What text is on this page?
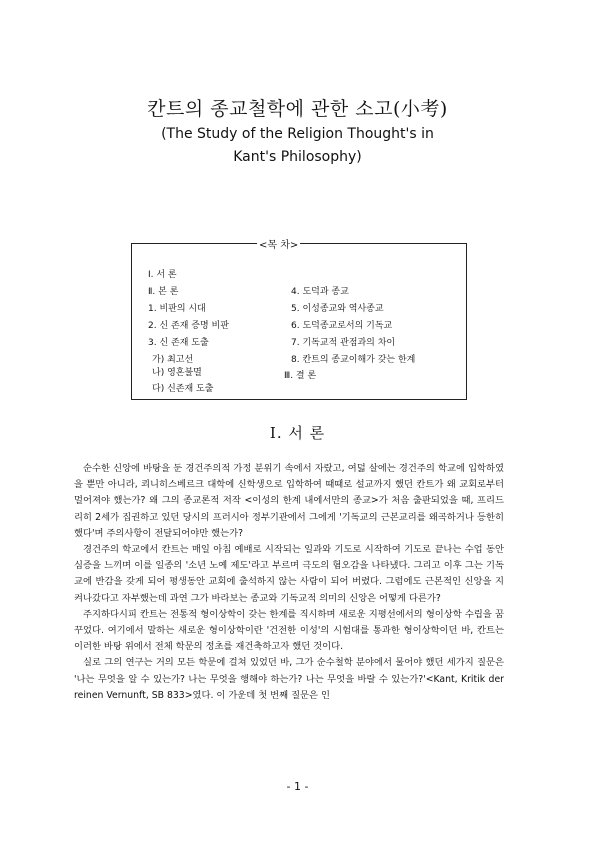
칸트의 종교철학에 관한 소고(小考)
(The Study of the Religion Thought's in
Kant's Philosophy)
<목 차>
Ⅰ. 서 론
Ⅱ. 본 론
1. 비판의 시대
2. 신 존재 증명 비판
3. 신 존재 도출
가) 최고선
나) 영혼불멸
다) 신존재 도출
4. 도덕과 종교
5. 이성종교와 역사종교
6. 도덕종교로서의 기독교
7. 기독교적 관점과의 차이
8. 칸트의 종교이해가 갖는 한계
Ⅲ. 결 론
Ⅰ. 서 론

순수한 신앙에 바탕을 둔 경건주의적 가정 분위기 속에서 자랐고, 여덟 살에는 경건주의 학교에 입학하였을 뿐만 아니라, 쾨니히스베르크 대학에 신학생으로 입학하여 때때로 설교까지 했던 칸트가 왜 교회로부터 멀어져야 했는가? 왜 그의 종교론적 저작 <이성의 한계 내에서만의 종교>가 처음 출판되었을 때, 프리드리히 2세가 집권하고 있던 당시의 프러시아 정부기관에서 그에게 '기독교의 근본교리를 왜곡하거나 등한히 했다'며 주의사항이 전달되어야만 했는가?

경건주의 학교에서 칸트는 매일 아침 예배로 시작되는 일과와 기도로 시작하여 기도로 끝나는 수업 동안 심증을 느끼며 이를 일종의 '소년 노예 제도'라고 부르며 극도의 혐오감을 나타냈다. 그리고 이후 그는 기독교에 반감을 갖게 되어 평생동안 교회에 출석하지 않는 사람이 되어 버렸다. 그럼에도 근본적인 신앙을 지켜나갔다고 자부했는데 과연 그가 바라보는 종교와 기독교적 의미의 신앙은 어떻게 다른가?

주지하다시피 칸트는 전통적 형이상학이 갖는 한계를 직시하며 새로운 지평선에서의 형이상학 수립을 꿈꾸었다. 여기에서 말하는 새로운 형이상학이란 '건전한 이성'의 시험대를 통과한 형이상학이던 바, 칸트는 이러한 바탕 위에서 전체 학문의 정초를 재건축하고자 했던 것이다.

실로 그의 연구는 거의 모든 학문에 걸쳐 있었던 바, 그가 순수철학 분야에서 물어야 했던 세가지 질문은 '나는 무엇을 알 수 있는가? 나는 무엇을 행해야 하는가? 나는 무엇을 바랄 수 있는가?'<Kant, Kritik der reinen Vernunft, SB 833>였다. 이 가운데 첫 번째 질문은 인

- 1 -
